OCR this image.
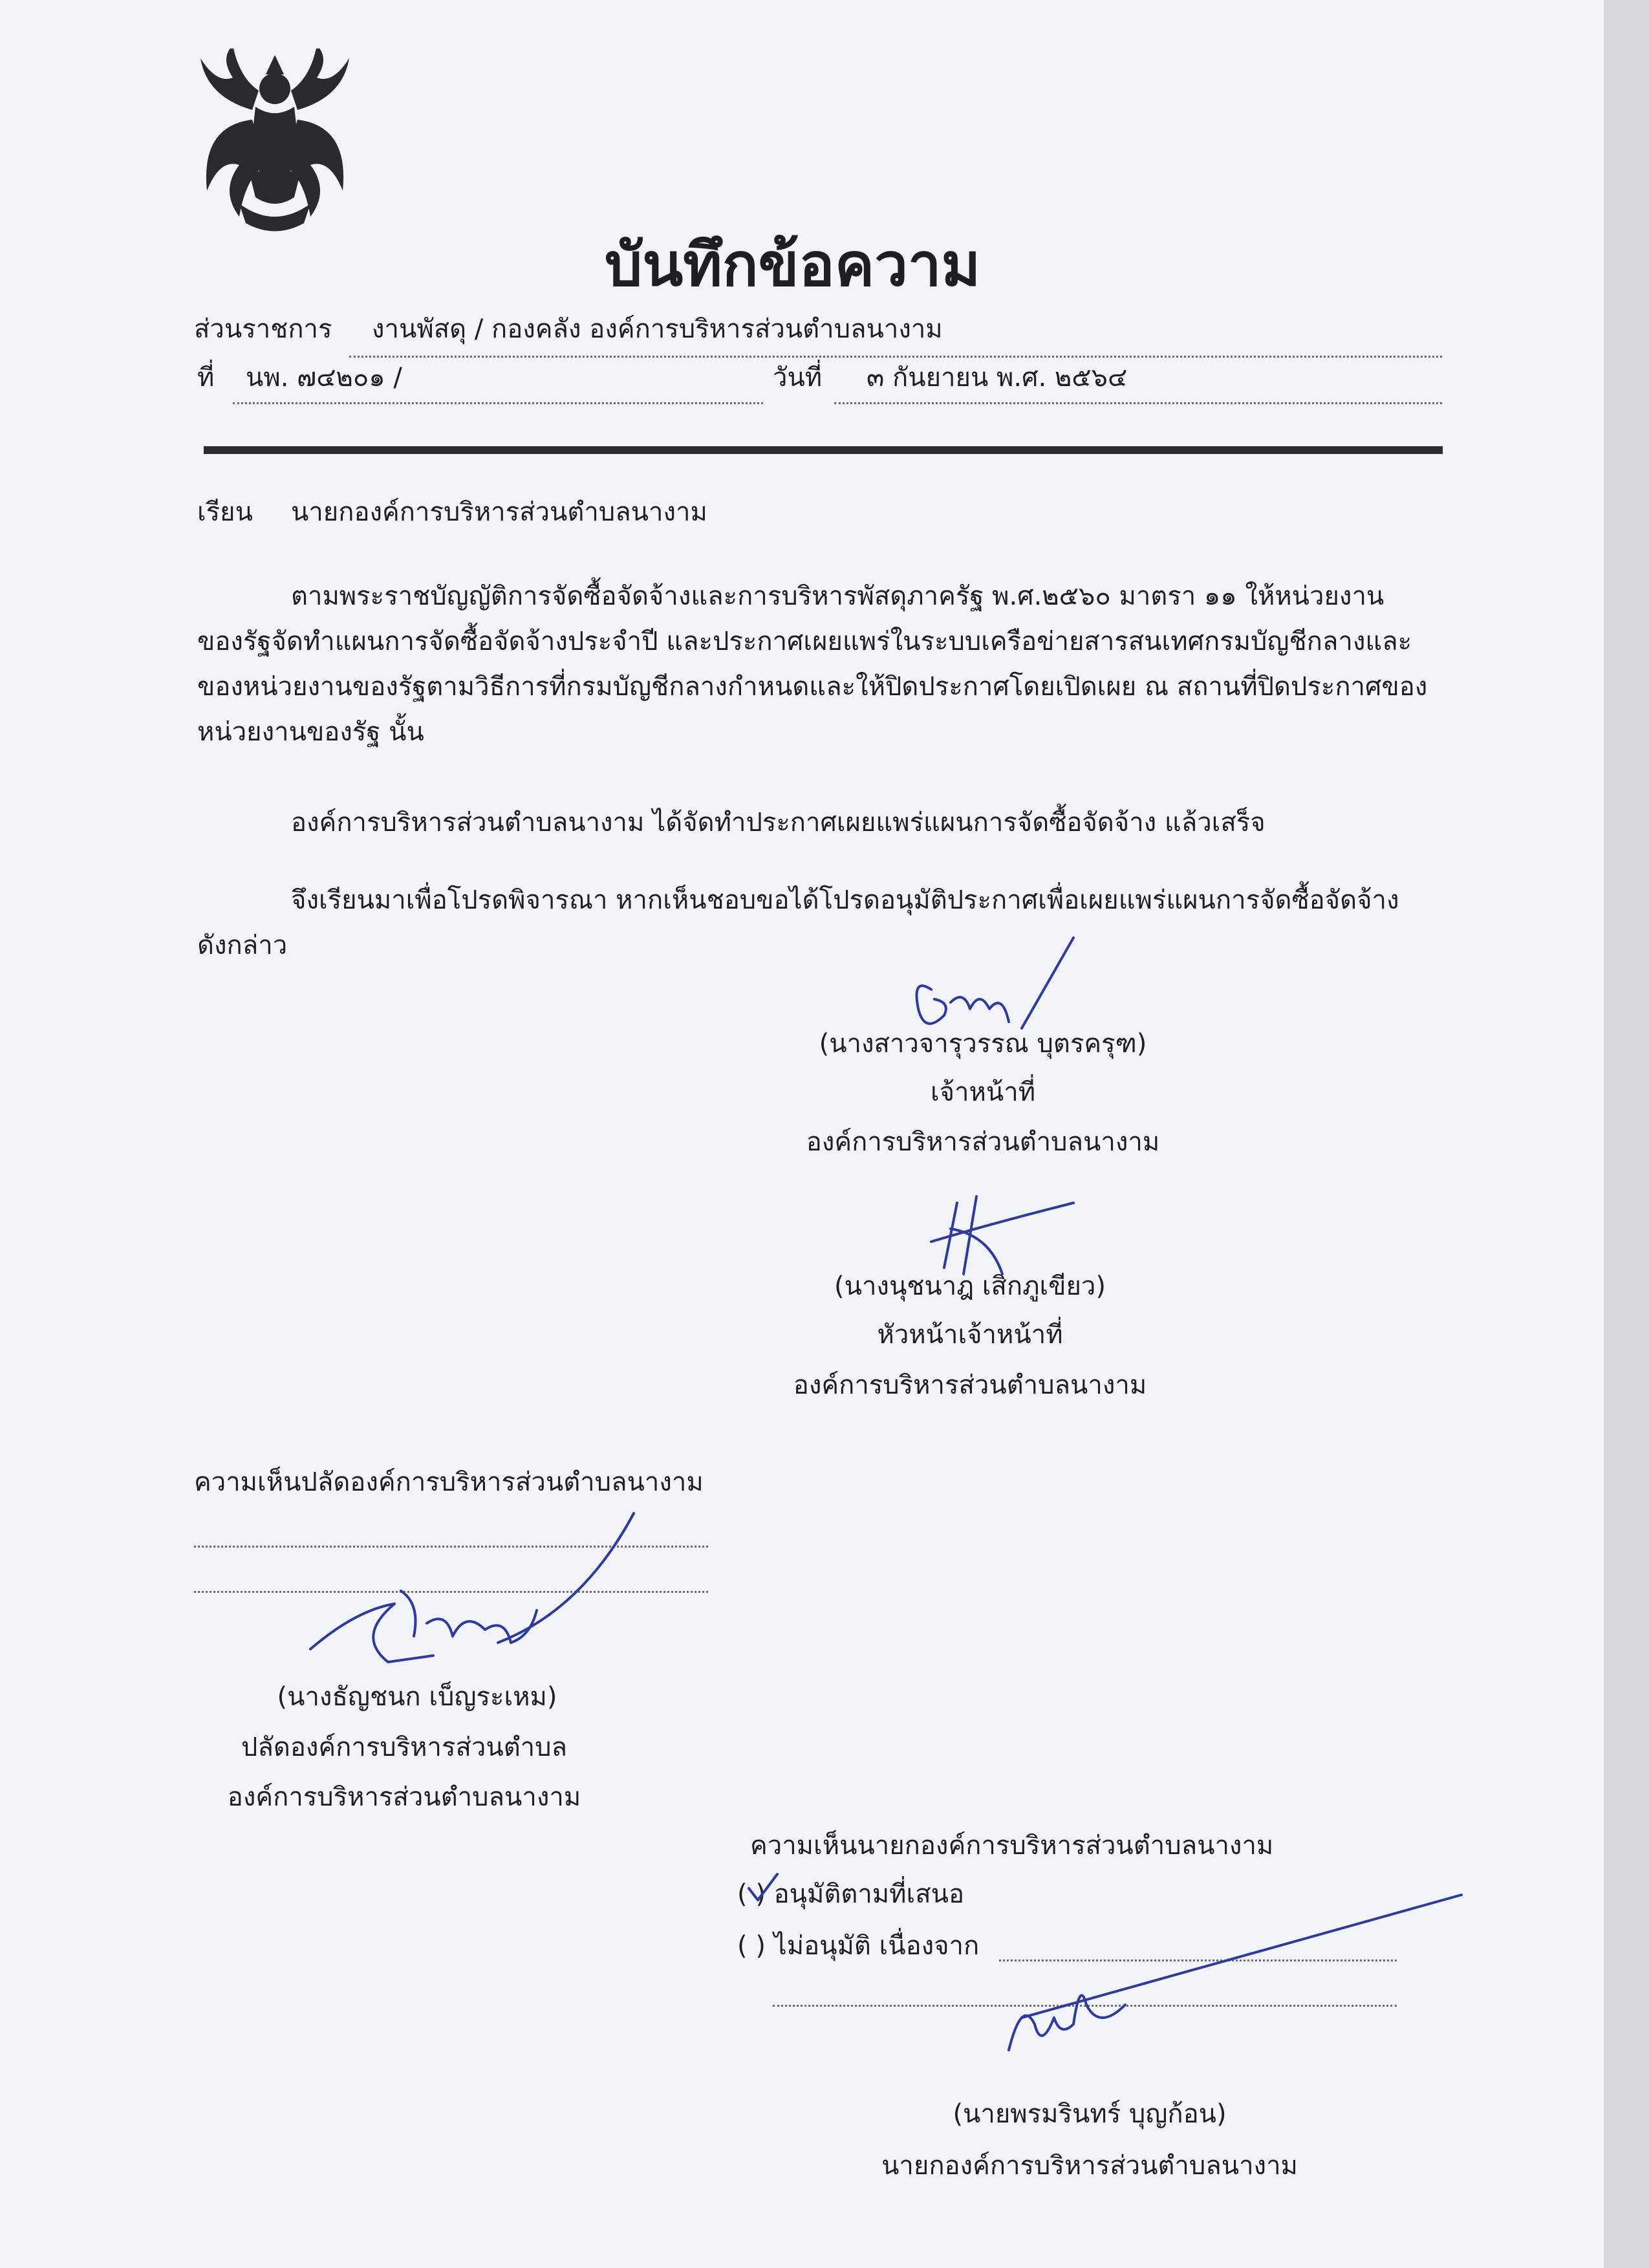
บันทึกข้อความ
ส่วนราชการ งานพัสดุ / กองคลัง องค์การบริหารส่วนตำบลนางาม
ที่ นพ. ๗๔๒๐๑ /	วันที่ ๓ กันยายน พ.ศ. ๒๕๖๔
เรียน นายกองค์การบริหารส่วนตำบลนางาม
ตามพระราชบัญญัติการจัดซื้อจัดจ้างและการบริหารพัสดุภาครัฐ พ.ศ.๒๕๖๐ มาตรา ๑๑ ให้หน่วยงาน
ของรัฐจัดทำแผนการจัดซื้อจัดจ้างประจำปี และประกาศเผยแพร่ในระบบเครือข่ายสารสนเทศกรมบัญชีกลางและ
ของหน่วยงานของรัฐตามวิธีการที่กรมบัญชีกลางกำหนดและให้ปิดประกาศโดยเปิดเผย ณ สถานที่ปิดประกาศของ
หน่วยงานของรัฐ นั้น
องค์การบริหารส่วนตำบลนางาม ได้จัดทำประกาศเผยแพร่แผนการจัดซื้อจัดจ้าง แล้วเสร็จ
จึงเรียนมาเพื่อโปรดพิจารณา หากเห็นชอบขอได้โปรดอนุมัติประกาศเพื่อเผยแพร่แผนการจัดซื้อจัดจ้าง
ดังกล่าว
(นางสาวจารุวรรณ บุตรครุฑ)
เจ้าหน้าที่
องค์การบริหารส่วนตำบลนางาม
(นางนุชนาฎ เสิกภูเขียว)
หัวหน้าเจ้าหน้าที่
องค์การบริหารส่วนตำบลนางาม
ความเห็นปลัดองค์การบริหารส่วนตำบลนางาม
(นางธัญชนก เบ็ญระเหม)
ปลัดองค์การบริหารส่วนตำบล
องค์การบริหารส่วนตำบลนางาม
ความเห็นนายกองค์การบริหารส่วนตำบลนางาม
( ) อนุมัติตามที่เสนอ
( ) ไม่อนุมัติ เนื่องจาก
(นายพรมรินทร์ บุญก้อน)
นายกองค์การบริหารส่วนตำบลนางาม
